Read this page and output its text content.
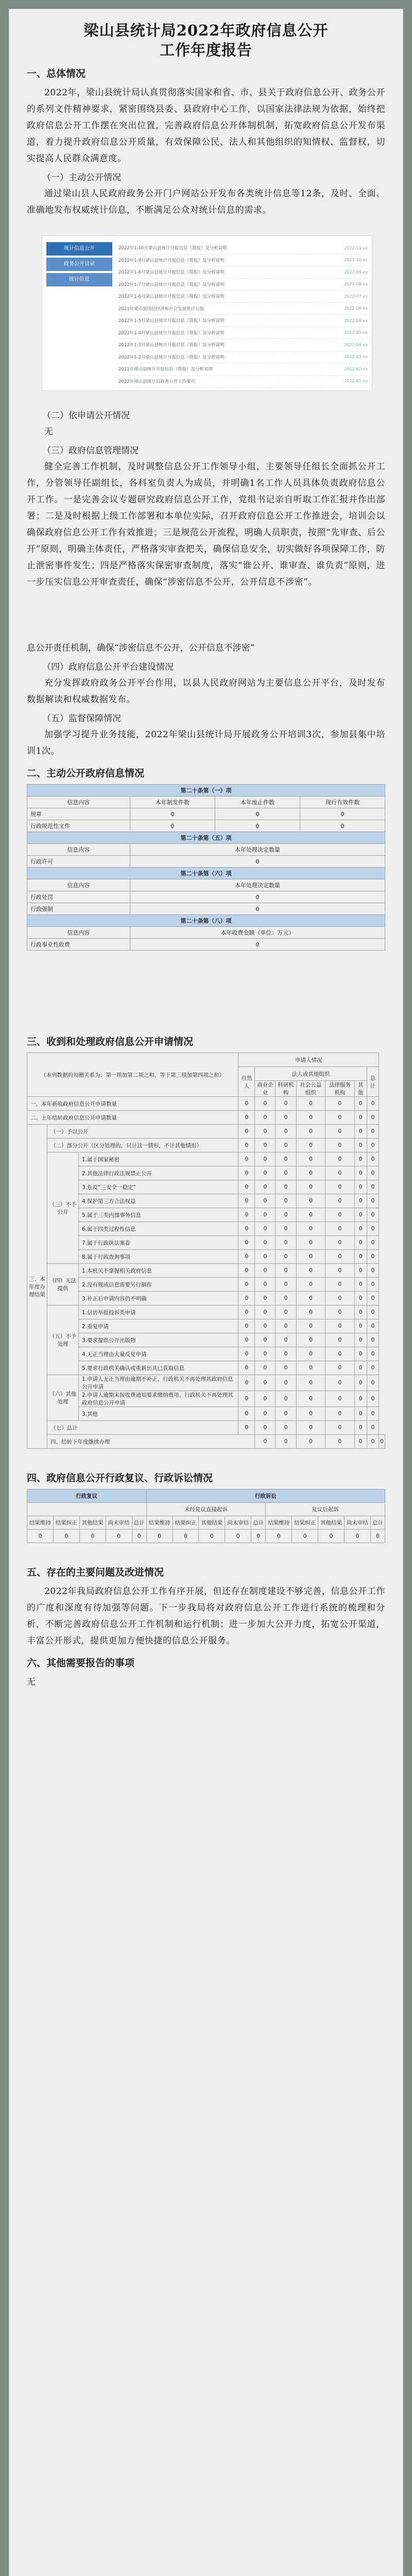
梁山县统计局2022年政府信息公开
工作年度报告
一、总体情况

2022年，梁山县统计局认真贯彻落实国家和省、市、县关于政府信息公开、政务公开的系列文件精神要求，紧密围绕县委、县政府中心工作，以国家法律法规为依据，始终把政府信息公开工作摆在突出位置，完善政府信息公开体制机制，拓宽政府信息公开发布渠道，着力提升政府信息公开质量，有效保障公民、法人和其他组织的知情权、监督权，切实提高人民群众满意度。

（一）主动公开情况

通过梁山县人民政府政务公开门户网站公开发布各类统计信息等12条，及时、全面、准确地发布权威统计信息，不断满足公众对统计信息的需求。

统计信息公开
政务公开目录
统计信息
2022年1-10月梁山县统计月报信息（简报）及分析说明	2022-11-xx
2022年1-9月梁山县统计月报信息（简报）及分析说明	2022-10-xx
2022年1-8月梁山县统计月报信息（简报）及分析说明	2022-09-xx
2022年1-7月梁山县统计月报信息（简报）及分析说明	2022-08-xx
2022年1-6月梁山县统计月报信息（简报）及分析说明	2022-07-xx
2021年梁山县国民经济和社会发展统计公报	2022-06-xx
2022年1-5月梁山县统计月报信息（简报）及分析说明	2022-06-xx
2022年1-4月梁山县统计月报信息（简报）及分析说明	2022-05-xx
2022年1-3月梁山县统计月报信息（简报）及分析说明	2022-04-xx
2022年1-2月梁山县统计月报信息（简报）及分析说明	2022-03-xx
2021年梁山县统计月报信息（简报）及分析说明	2022-02-xx
2022年梁山县统计局政务公开工作要点	2022-01-xx
（二）依申请公开情况

无

（三）政府信息管理情况

健全完善工作机制，及时调整信息公开工作领导小组，主要领导任组长全面抓公开工作，分管领导任副组长，各科室负责人为成员，并明确1名工作人员具体负责政府信息公开工作。一是完善会议专题研究政府信息公开工作，党组书记亲自听取工作汇报并作出部署；二是及时根据上级工作部署和本单位实际，召开政府信息公开工作推进会，培训会以确保政府信息公开工作有效推进；三是规范公开流程，明确人员职责，按照“先审查、后公开”原则，明确主体责任，严格落实审查把关，确保信息安全，切实做好各项保障工作，防止泄密事件发生；四是严格落实保密审查制度，落实“谁公开、谁审查、谁负责”原则，进一步压实信息公开审查责任，确保“涉密信息不公开，公开信息不涉密”。

息公开责任机制，确保“涉密信息不公开，公开信息不涉密”

（四）政府信息公开平台建设情况

充分发挥政府政务公开平台作用，以县人民政府网站为主要信息公开平台，及时发布数据解读和权威数据发布。

（五）监督保障情况

加强学习提升业务技能，2022年梁山县统计局开展政务公开培训3次，参加县集中培训1次。

二、主动公开政府信息情况
第二十条第（一）项			
信息内容	本年制发件数	本年废止件数	现行有效件数
规章	0	0	0
行政规范性文件	0	0	0
第二十条第（五）项			
信息内容	本年处理决定数量		
行政许可	0		
第二十条第（六）项			
信息内容	本年处理决定数量		
行政处罚	0		
行政强制	0		
第二十条第（八）项			
信息内容	本年收费金额（单位：万元）		
行政事业性收费	0		
三、收到和处理政府信息公开申请情况
（本列数据的勾稽关系为：第一项加第二项之和，等于第三项加第四项之和）			申请人情况							
			自然人	法人或其他组织					总计	
				商业企业	科研机构	社会公益组织	法律服务机构	其他		
一、本年新收政府信息公开申请数量			0	0	0	0	0	0	0	
二、上年结转政府信息公开申请数量			0	0	0	0	0	0	0	
三、本年度办理结果	（一）予以公开		0	0	0	0	0	0	0	
	（二）部分公开（区分处理的，只计这一情形，不计其他情形）		0	0	0	0	0	0	0	
	（三）不予公开	1.属于国家秘密	0	0	0	0	0	0	0	
		2.其他法律行政法规禁止公开	0	0	0	0	0	0	0	
		3.危及“三安全一稳定”	0	0	0	0	0	0	0	
		4.保护第三方合法权益	0	0	0	0	0	0	0	
		5.属于三类内部事务信息	0	0	0	0	0	0	0	
		6.属于四类过程性信息	0	0	0	0	0	0	0	
		7.属于行政执法案卷	0	0	0	0	0	0	0	
		8.属于行政查询事项	0	0	0	0	0	0	0	
	（四）无法提供	1.本机关不掌握相关政府信息	0	0	0	0	0	0	0	
		2.没有现成信息需要另行制作	0	0	0	0	0	0	0	
		3.补正后申请内容仍不明确	0	0	0	0	0	0	0	
	（五）不予处理	1.信访举报投诉类申请	0	0	0	0	0	0	0	
		2.重复申请	0	0	0	0	0	0	0	
		3.要求提供公开出版物	0	0	0	0	0	0	0	
		4.无正当理由大量反复申请	0	0	0	0	0	0	0	
		5.要求行政机关确认或重新出具已获取信息	0	0	0	0	0	0	0	
	（六）其他处理	1.申请人无正当理由逾期不补正、行政机关不再处理其政府信息公开申请	0	0	0	0	0	0	0	
		2.申请人逾期未按收费通知要求缴纳费用、行政机关不再处理其政府信息公开申请	0	0	0	0	0	0	0	
		3.其他	0	0	0	0	0	0	0	
	（七）总计		0	0	0	0	0	0	0	
	四、结转下年度继续办理			0	0	0	0	0	0	0
四、政府信息公开行政复议、行政诉讼情况
行政复议					行政诉讼									
					未经复议直接起诉					复议后起诉				
结果维持	结果纠正	其他结果	尚未审结	总计	结果维持	结果纠正	其他结果	尚未审结	总计	结果维持	结果纠正	其他结果	尚未审结	总计
0	0	0	0	0	0	0	0	0	0	0	0	0	0	0
五、存在的主要问题及改进情况

2022年我局政府信息公开工作有序开展，但还存在制度建设不够完善，信息公开工作的广度和深度有待加强等问题。下一步我局将对政府信息公开工作进行系统的梳理和分析，不断完善政府信息公开工作机制和运行机制；进一步加大公开力度，拓宽公开渠道，丰富公开形式，提供更加方便快捷的信息公开服务。

六、其他需要报告的事项

无
